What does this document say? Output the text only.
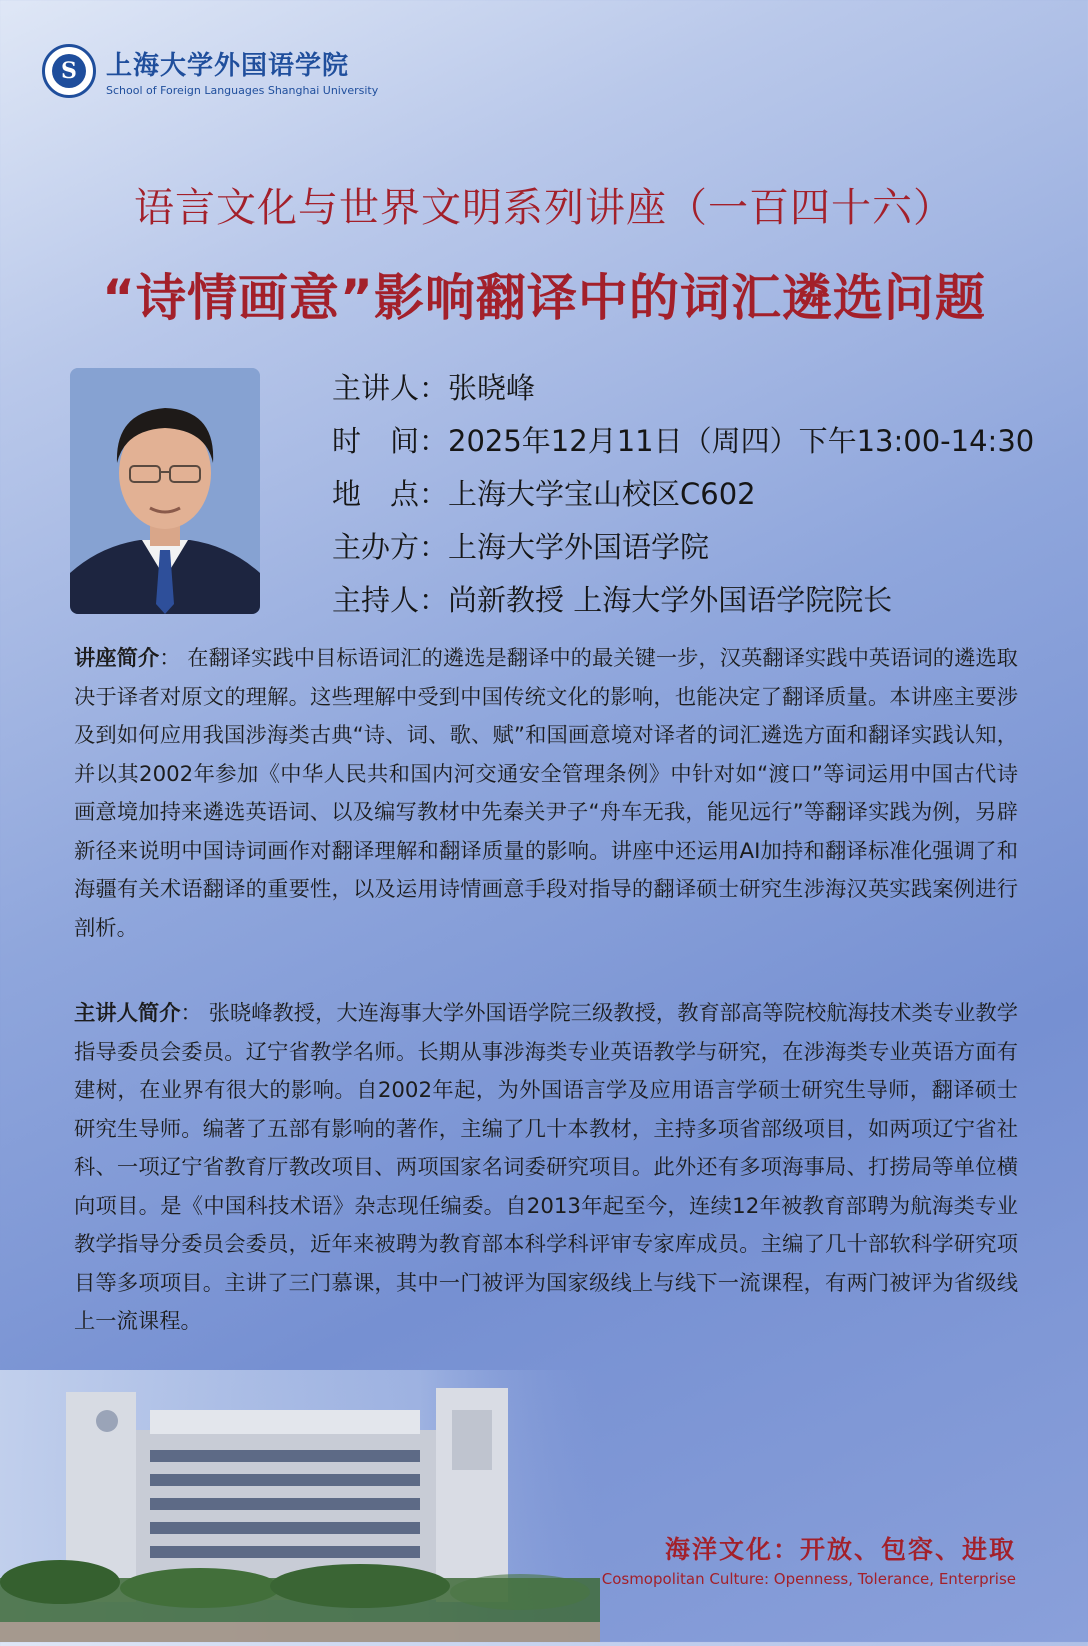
S	上海大学外国语学院
School of Foreign Languages Shanghai University
语言文化与世界文明系列讲座（一百四十六）
“诗情画意”影响翻译中的词汇遴选问题
主讲人：张晓峰
时　间：2025年12月11日（周四）下午13:00-14:30
地　点：上海大学宝山校区C602
主办方：上海大学外国语学院
主持人：尚新教授 上海大学外国语学院院长
讲座简介： 在翻译实践中目标语词汇的遴选是翻译中的最关键一步，汉英翻译实践中英语词的遴选取决于译者对原文的理解。这些理解中受到中国传统文化的影响，也能决定了翻译质量。本讲座主要涉及到如何应用我国涉海类古典“诗、词、歌、赋”和国画意境对译者的词汇遴选方面和翻译实践认知，并以其2002年参加《中华人民共和国内河交通安全管理条例》中针对如“渡口”等词运用中国古代诗画意境加持来遴选英语词、以及编写教材中先秦关尹子“舟车无我，能见远行”等翻译实践为例，另辟新径来说明中国诗词画作对翻译理解和翻译质量的影响。讲座中还运用AI加持和翻译标准化强调了和海疆有关术语翻译的重要性，以及运用诗情画意手段对指导的翻译硕士研究生涉海汉英实践案例进行剖析。
主讲人简介： 张晓峰教授，大连海事大学外国语学院三级教授，教育部高等院校航海技术类专业教学指导委员会委员。辽宁省教学名师。长期从事涉海类专业英语教学与研究，在涉海类专业英语方面有建树，在业界有很大的影响。自2002年起，为外国语言学及应用语言学硕士研究生导师，翻译硕士研究生导师。编著了五部有影响的著作，主编了几十本教材，主持多项省部级项目，如两项辽宁省社科、一项辽宁省教育厅教改项目、两项国家名词委研究项目。此外还有多项海事局、打捞局等单位横向项目。是《中国科技术语》杂志现任编委。自2013年起至今，连续12年被教育部聘为航海类专业教学指导分委员会委员，近年来被聘为教育部本科学科评审专家库成员。主编了几十部软科学研究项目等多项项目。主讲了三门慕课，其中一门被评为国家级线上与线下一流课程，有两门被评为省级线上一流课程。
海洋文化：开放、包容、进取
Cosmopolitan Culture: Openness, Tolerance, Enterprise
